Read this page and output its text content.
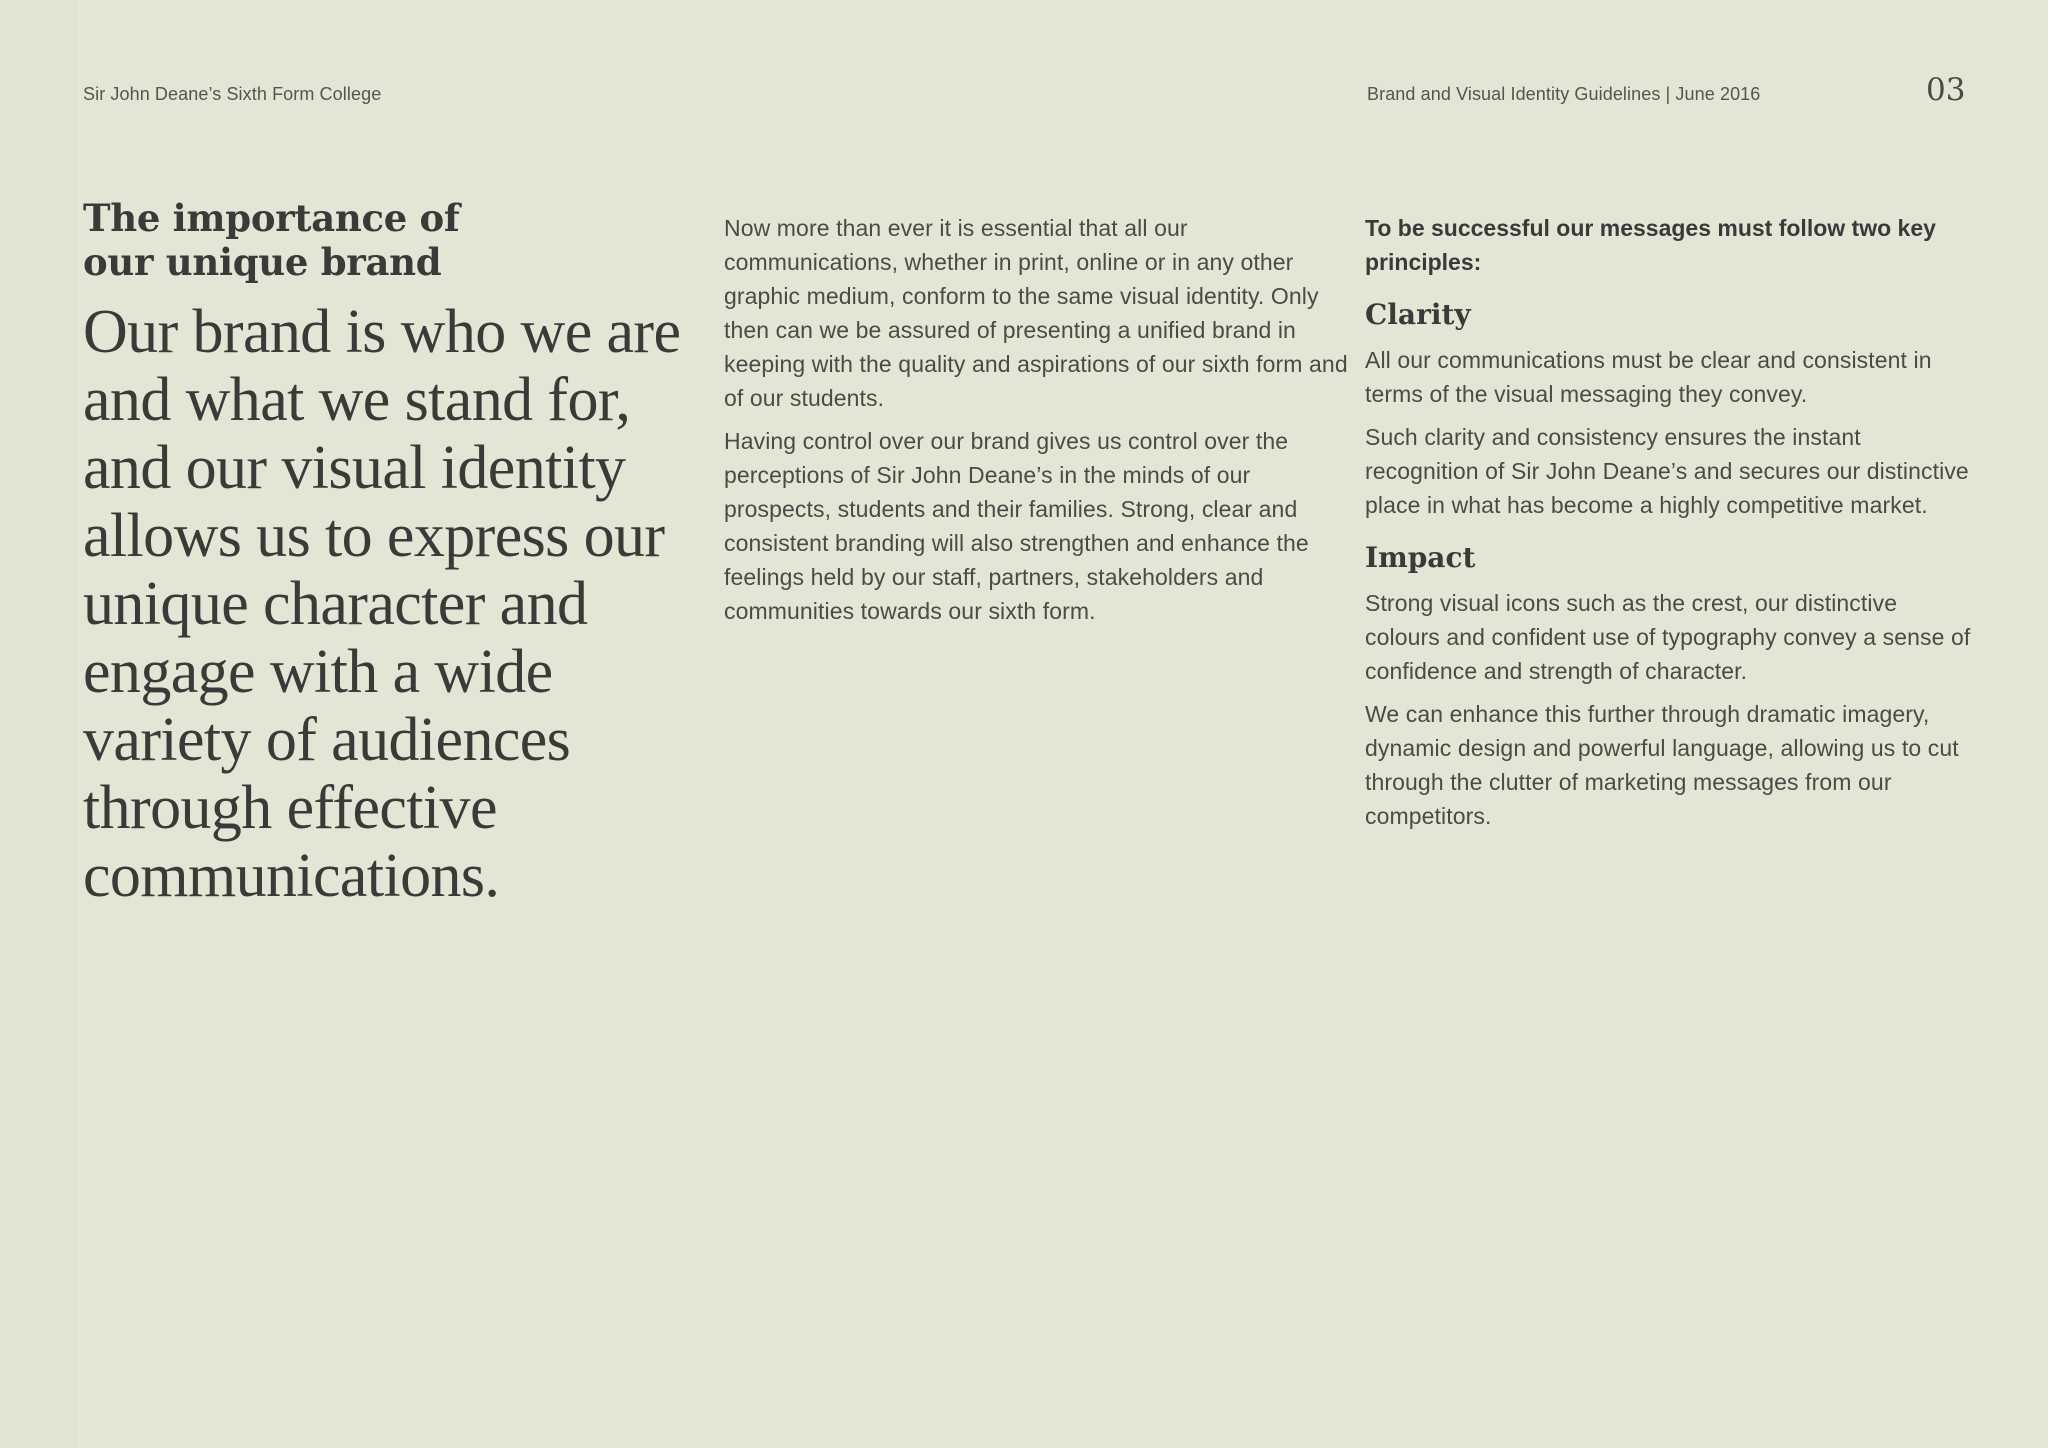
Sir John Deane’s Sixth Form College	Brand and Visual Identity Guidelines | June 2016	03
The importance of
our unique brand

Our brand is who we are and what we stand for, and our visual identity allows us to express our unique character and engage with a wide variety of audiences through effective communications.

Now more than ever it is essential that all our communications, whether in print, online or in any other graphic medium, conform to the same visual identity. Only then can we be assured of presenting a unified brand in keeping with the quality and aspirations of our sixth form and of our students.

Having control over our brand gives us control over the perceptions of Sir John Deane’s in the minds of our prospects, students and their families. Strong, clear and consistent branding will also strengthen and enhance the feelings held by our staff, partners, stakeholders and communities towards our sixth form.

To be successful our messages must follow two key principles:

Clarity

All our communications must be clear and consistent in terms of the visual messaging they convey.

Such clarity and consistency ensures the instant recognition of Sir John Deane’s and secures our distinctive place in what has become a highly competitive market.

Impact

Strong visual icons such as the crest, our distinctive colours and confident use of typography convey a sense of confidence and strength of character.

We can enhance this further through dramatic imagery, dynamic design and powerful language, allowing us to cut through the clutter of marketing messages from our competitors.
